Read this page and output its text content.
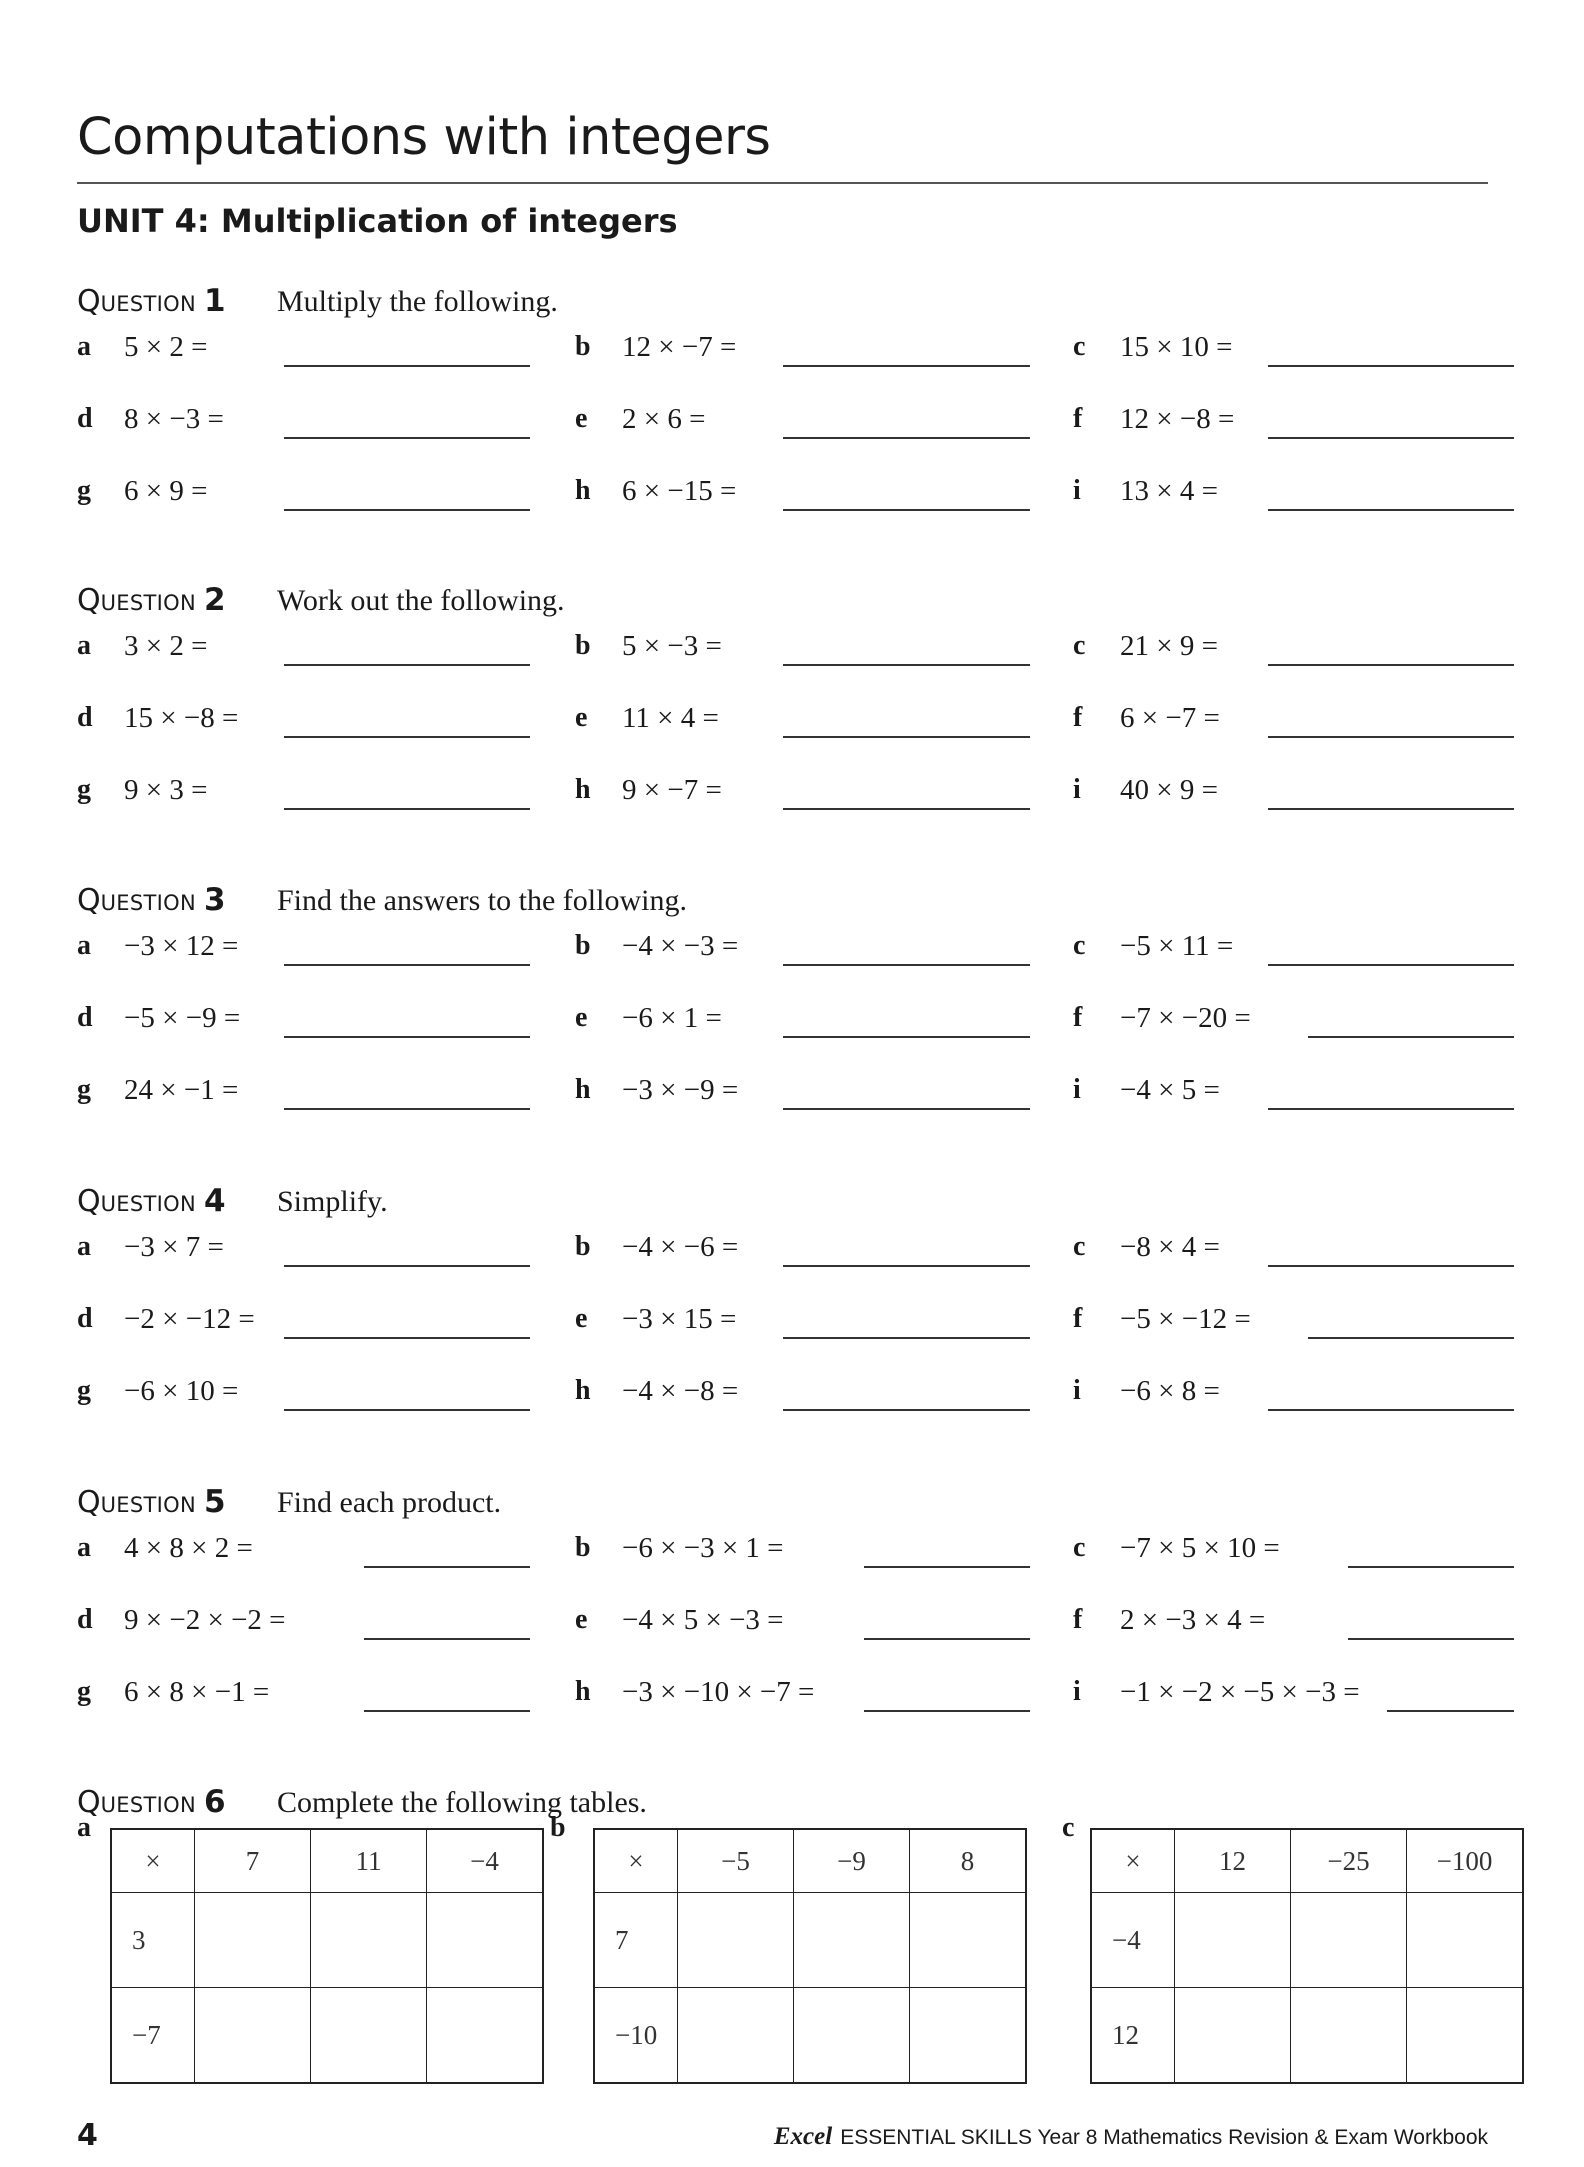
Computations with integers
UNIT 4: Multiplication of integers
QUESTION 1 Multiply the following.
a 5 × 2 =	b 12 × −7 =	c 15 × 10 =
d 8 × −3 =	e 2 × 6 =	f 12 × −8 =
g 6 × 9 =	h 6 × −15 =	i 13 × 4 =
QUESTION 2 Work out the following.
a 3 × 2 =	b 5 × −3 =	c 21 × 9 =
d 15 × −8 =	e 11 × 4 =	f 6 × −7 =
g 9 × 3 =	h 9 × −7 =	i 40 × 9 =
QUESTION 3 Find the answers to the following.
a −3 × 12 =	b −4 × −3 =	c −5 × 11 =
d −5 × −9 =	e −6 × 1 =	f −7 × −20 =
g 24 × −1 =	h −3 × −9 =	i −4 × 5 =
QUESTION 4 Simplify.
a −3 × 7 =	b −4 × −6 =	c −8 × 4 =
d −2 × −12 =	e −3 × 15 =	f −5 × −12 =
g −6 × 10 =	h −4 × −8 =	i −6 × 8 =
QUESTION 5 Find each product.
a 4 × 8 × 2 =	b −6 × −3 × 1 =	c −7 × 5 × 10 =
d 9 × −2 × −2 =	e −4 × 5 × −3 =	f 2 × −3 × 4 =
g 6 × 8 × −1 =	h −3 × −10 × −7 =	i −1 × −2 × −5 × −3 =
QUESTION 6 Complete the following tables.
a
×	7	11	−4
3			
−7			
b
×	−5	−9	8
7			
−10			
c
×	12	−25	−100
−4			
12			
4	Excel ESSENTIAL SKILLS Year 8 Mathematics Revision & Exam Workbook
